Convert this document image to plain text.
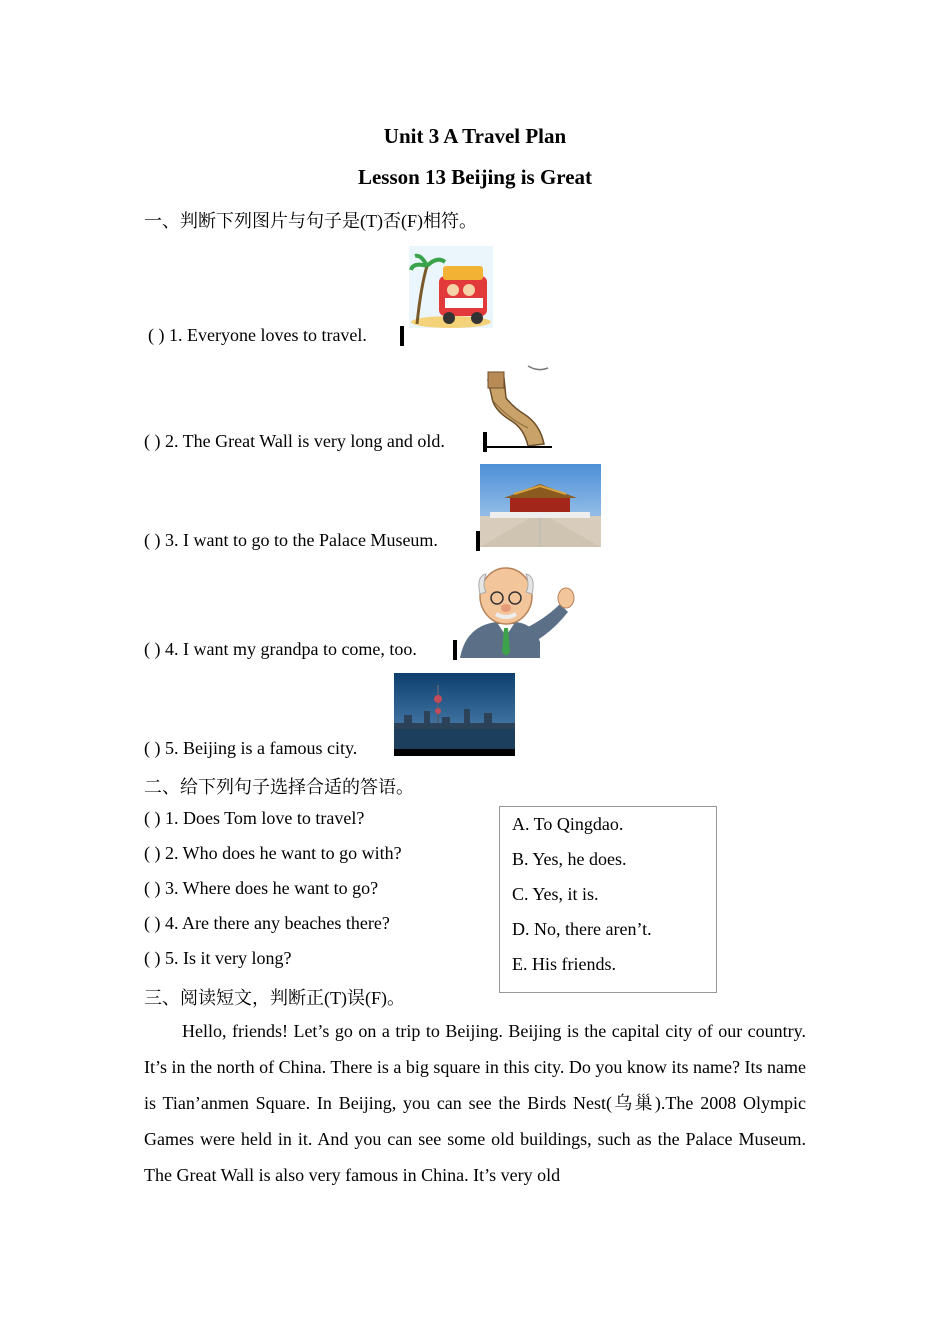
Unit 3 A Travel Plan
Lesson 13 Beijing is Great
一、判断下列图片与句子是(T)否(F)相符。
( ) 1. Everyone loves to travel.
( ) 2. The Great Wall is very long and old.
( ) 3. I want to go to the Palace Museum.
( ) 4. I want my grandpa to come, too.
( ) 5. Beijing is a famous city.
二、给下列句子选择合适的答语。
( ) 1. Does Tom love to travel?
( ) 2. Who does he want to go with?
( ) 3. Where does he want to go?
( ) 4. Are there any beaches there?
( ) 5. Is it very long?
A. To Qingdao.
B. Yes, he does.
C. Yes, it is.
D. No, there aren’t.
E. His friends.
三、阅读短文，判断正(T)误(F)。

Hello, friends! Let’s go on a trip to Beijing. Beijing is the capital city of our country. It’s in the north of China. There is a big square in this city. Do you know its name? Its name is Tian’anmen Square. In Beijing, you can see the Birds Nest(乌巢).The 2008 Olympic Games were held in it. And you can see some old buildings, such as the Palace Museum. The Great Wall is also very famous in China. It’s very old
